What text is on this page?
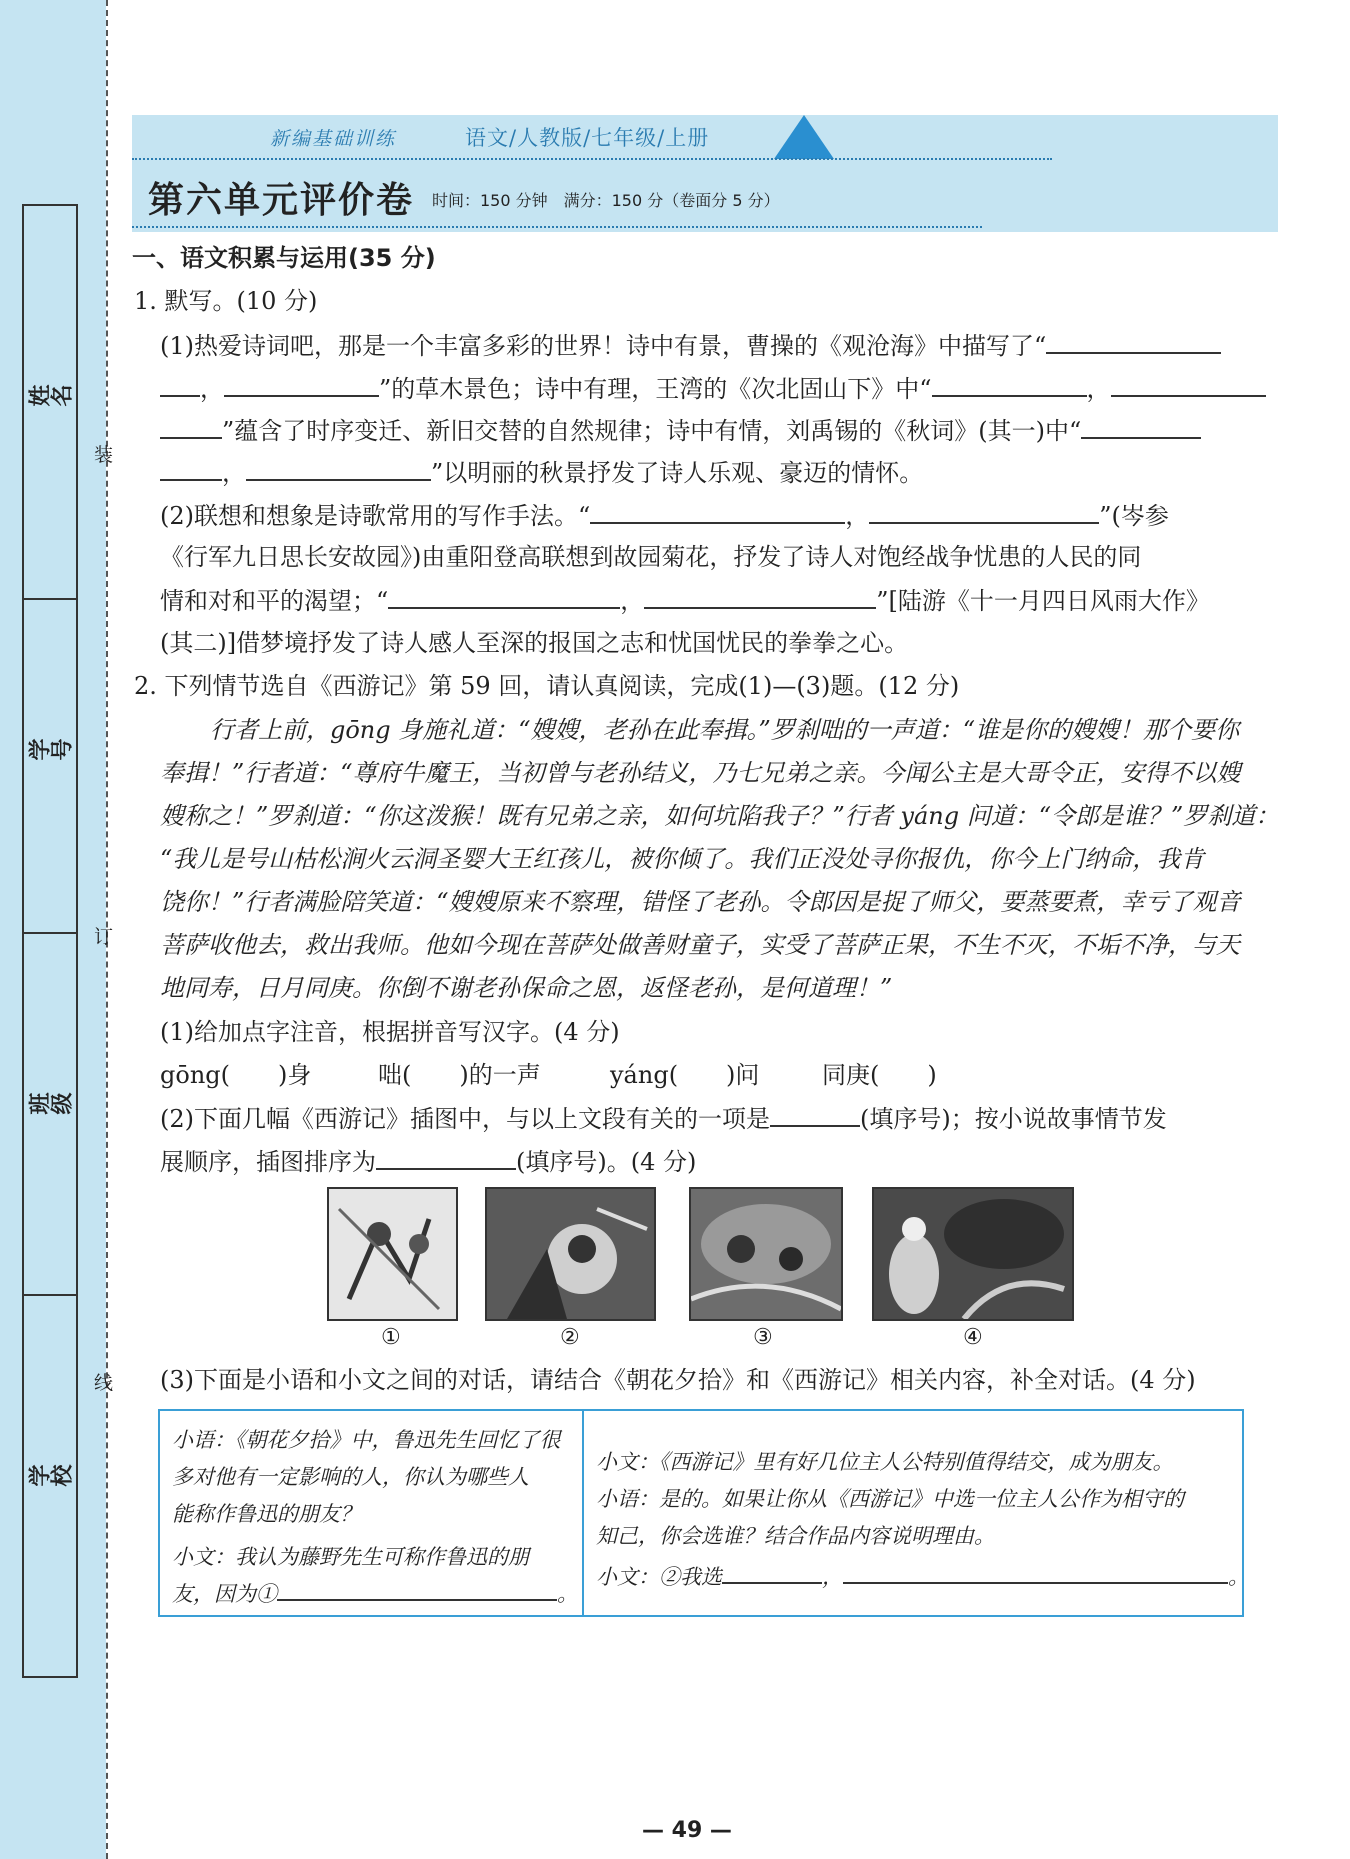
姓名
学号
班级
学校
装
订
线
新编基础训练	语文/人教版/七年级/上册
第六单元评价卷 时间：150 分钟　满分：150 分（卷面分 5 分）
一、语文积累与运用(35 分)
1. 默写。(10 分)
(1)热爱诗词吧，那是一个丰富多彩的世界！诗中有景，曹操的《观沧海》中描写了“
，	”的草木景色；诗中有理，王湾的《次北固山下》中“	，
”蕴含了时序变迁、新旧交替的自然规律；诗中有情，刘禹锡的《秋词》(其一)中“
，	”以明丽的秋景抒发了诗人乐观、豪迈的情怀。
(2)联想和想象是诗歌常用的写作手法。“	，	”(岑参
《行军九日思长安故园》)由重阳登高联想到故园菊花，抒发了诗人对饱经战争忧患的人民的同
情和对和平的渴望；“	，	”[陆游《十一月四日风雨大作》
(其二)]借梦境抒发了诗人感人至深的报国之志和忧国忧民的拳拳之心。
2. 下列情节选自《西游记》第 59 回，请认真阅读，完成(1)—(3)题。(12 分)
行者上前，gōng 身施礼道：“嫂嫂，老孙在此奉揖。”罗刹咄的一声道：“谁是你的嫂嫂！那个要你
奉揖！”行者道：“尊府牛魔王，当初曾与老孙结义，乃七兄弟之亲。今闻公主是大哥令正，安得不以嫂
嫂称之！”罗刹道：“你这泼猴！既有兄弟之亲，如何坑陷我子？”行者 yáng 问道：“令郎是谁？”罗刹道：
“我儿是号山枯松涧火云洞圣婴大王红孩儿，被你倾了。我们正没处寻你报仇，你今上门纳命，我肯
饶你！”行者满脸陪笑道：“嫂嫂原来不察理，错怪了老孙。令郎因是捉了师父，要蒸要煮，幸亏了观音
菩萨收他去，救出我师。他如今现在菩萨处做善财童子，实受了菩萨正果，不生不灭，不垢不净，与天
地同寿，日月同庚。你倒不谢老孙保命之恩，返怪老孙，是何道理！”
(1)给加点字注音，根据拼音写汉字。(4 分)
gōng(　　)身	咄(　　)的一声	yáng(　　)问	同庚(　　)
(2)下面几幅《西游记》插图中，与以上文段有关的一项是	(填序号)；按小说故事情节发
展顺序，插图排序为	(填序号)。(4 分)
①	②	③	④
(3)下面是小语和小文之间的对话，请结合《朝花夕拾》和《西游记》相关内容，补全对话。(4 分)
小语：《朝花夕拾》中，鲁迅先生回忆了很
多对他有一定影响的人，你认为哪些人
能称作鲁迅的朋友？
小文：我认为藤野先生可称作鲁迅的朋
友，因为①	。
小文：《西游记》里有好几位主人公特别值得结交，成为朋友。
小语：是的。如果让你从《西游记》中选一位主人公作为相守的
知己，你会选谁？结合作品内容说明理由。
小文：②我选	，	。
— 49 —
